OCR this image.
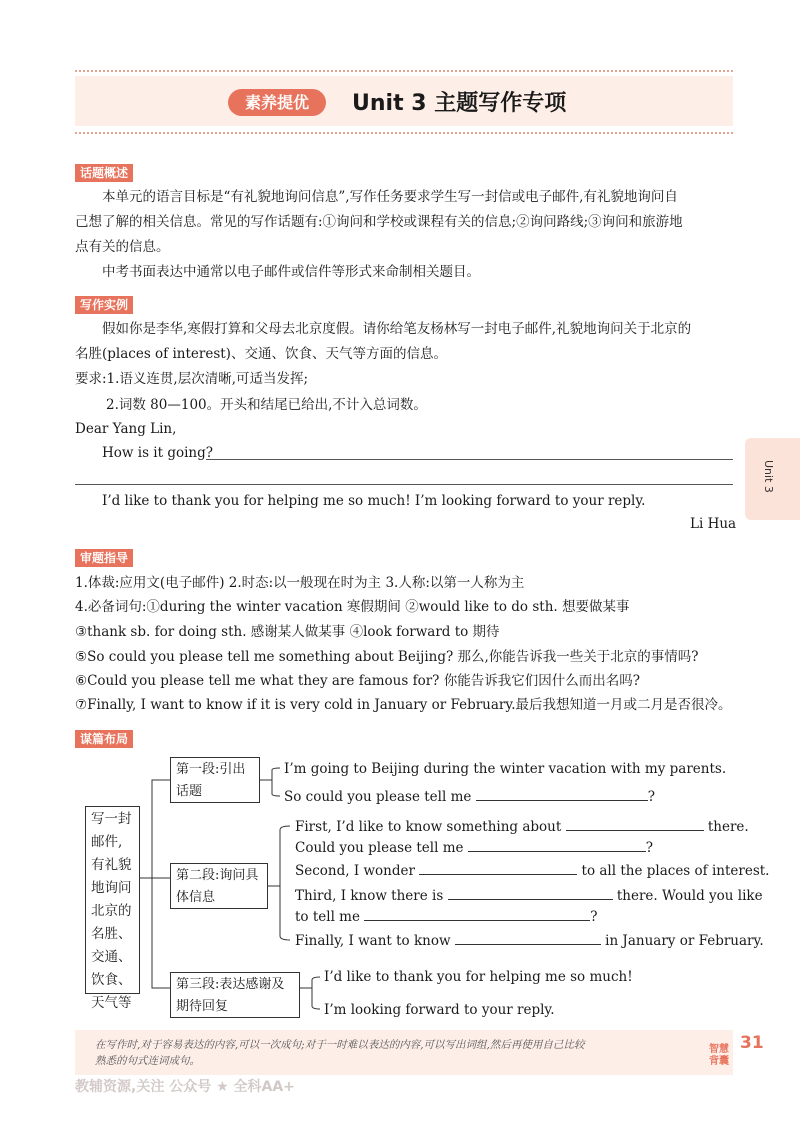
素养提优	Unit 3 主题写作专项
Unit 3
话题概述
本单元的语言目标是“有礼貌地询问信息”,写作任务要求学生写一封信或电子邮件,有礼貌地询问自
己想了解的相关信息。常见的写作话题有:①询问和学校或课程有关的信息;②询问路线;③询问和旅游地
点有关的信息。
中考书面表达中通常以电子邮件或信件等形式来命制相关题目。
写作实例
假如你是李华,寒假打算和父母去北京度假。请你给笔友杨林写一封电子邮件,礼貌地询问关于北京的
名胜(places of interest)、交通、饮食、天气等方面的信息。
要求:1.语义连贯,层次清晰,可适当发挥;
2.词数 80—100。开头和结尾已给出,不计入总词数。
Dear Yang Lin,
How is it going?
I’d like to thank you for helping me so much! I’m looking forward to your reply.
Li Hua
审题指导
1.体裁:应用文(电子邮件) 2.时态:以一般现在时为主 3.人称:以第一人称为主
4.必备词句:①during the winter vacation 寒假期间 ②would like to do sth. 想要做某事
③thank sb. for doing sth. 感谢某人做某事 ④look forward to 期待
⑤So could you please tell me something about Beijing? 那么,你能告诉我一些关于北京的事情吗?
⑥Could you please tell me what they are famous for? 你能告诉我它们因什么而出名吗?
⑦Finally, I want to know if it is very cold in January or February.最后我想知道一月或二月是否很冷。
谋篇布局
写一封邮件,有礼貌地询问北京的名胜、交通、饮食、天气等
第一段:引出话题
I’m going to Beijing during the winter vacation with my parents.
So could you please tell me	?
第二段:询问具体信息
First, I’d like to know something about	there.
Could you please tell me	?
Second, I wonder	to all the places of interest.
Third, I know there is	there. Would you like
to tell me	?
Finally, I want to know	in January or February.
第三段:表达感谢及期待回复
I’d like to thank you for helping me so much!
I’m looking forward to your reply.
在写作时,对于容易表达的内容,可以一次成句;对于一时难以表达的内容,可以写出词组,然后再使用自己比较
熟悉的句式连词成句。
智慧背囊
31
教辅资源,关注 公众号 ★ 全科AA+
